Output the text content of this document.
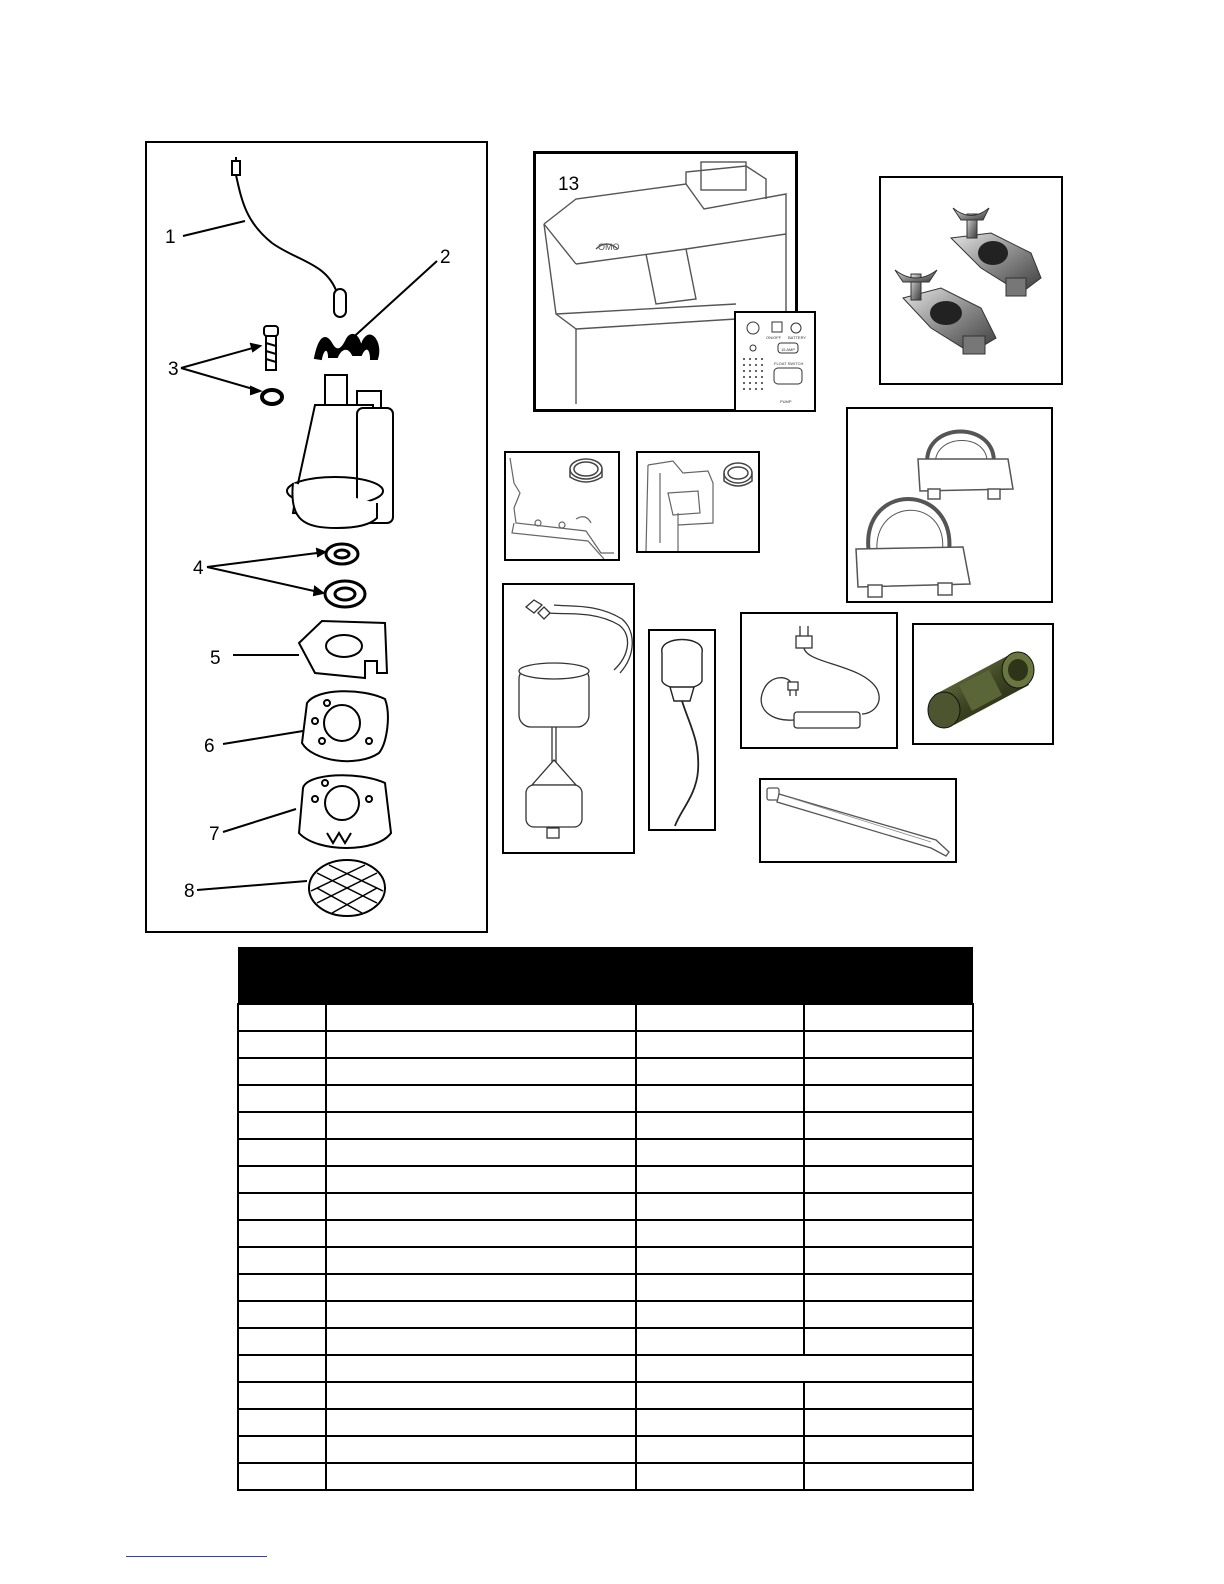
1
2
3
4
5
6
7
8
13
OMO
ON/OFF BATTERY
15 AMP
FLOAT SWITCH
PUMP
